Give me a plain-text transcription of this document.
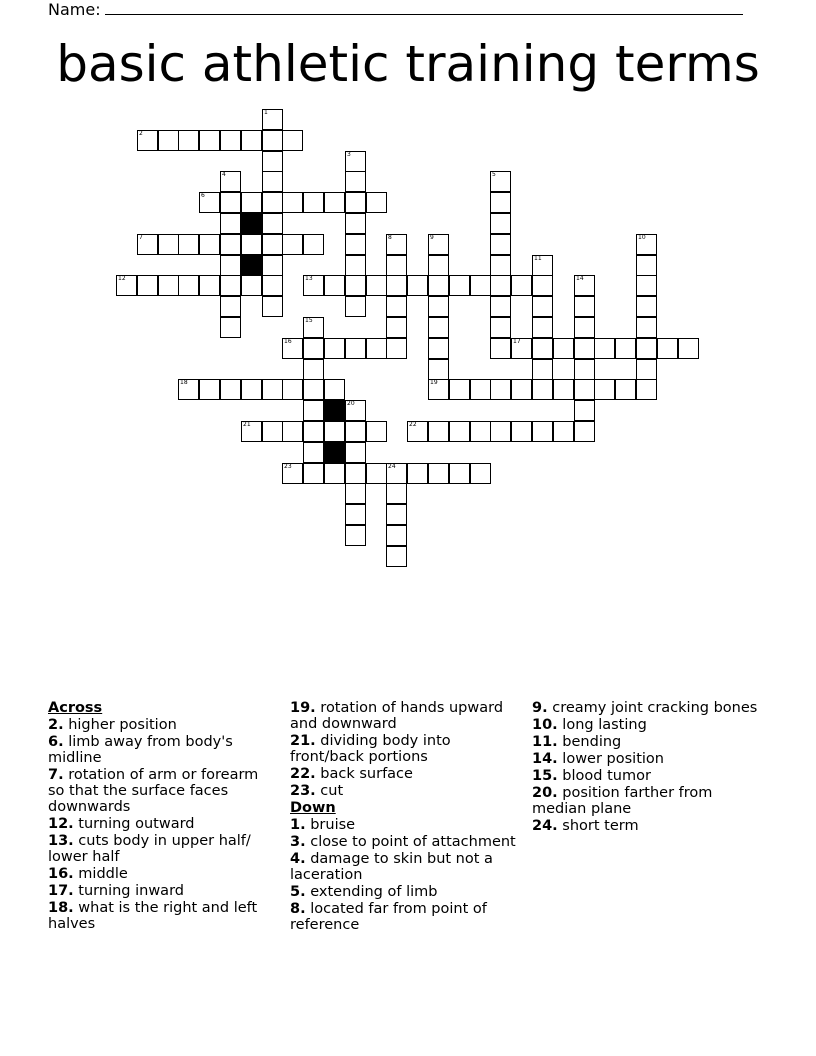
Name:
basic athletic training terms
1
2
3
4	5
6
7	8	9
19
10
11
12	13	14
15
16	17
18
20
21	22
23	24
Across
2. higher position
6. limb away from body's midline
7. rotation of arm or forearm so that the surface faces downwards
12. turning outward
13. cuts body in upper half/ lower half
16. middle
17. turning inward
18. what is the right and left halves
19. rotation of hands upward and downward
21. dividing body into front/back portions
22. back surface
23. cut
Down
1. bruise
3. close to point of attachment
4. damage to skin but not a laceration
5. extending of limb
8. located far from point of reference
9. creamy joint cracking bones
10. long lasting
11. bending
14. lower position
15. blood tumor
20. position farther from median plane
24. short term
